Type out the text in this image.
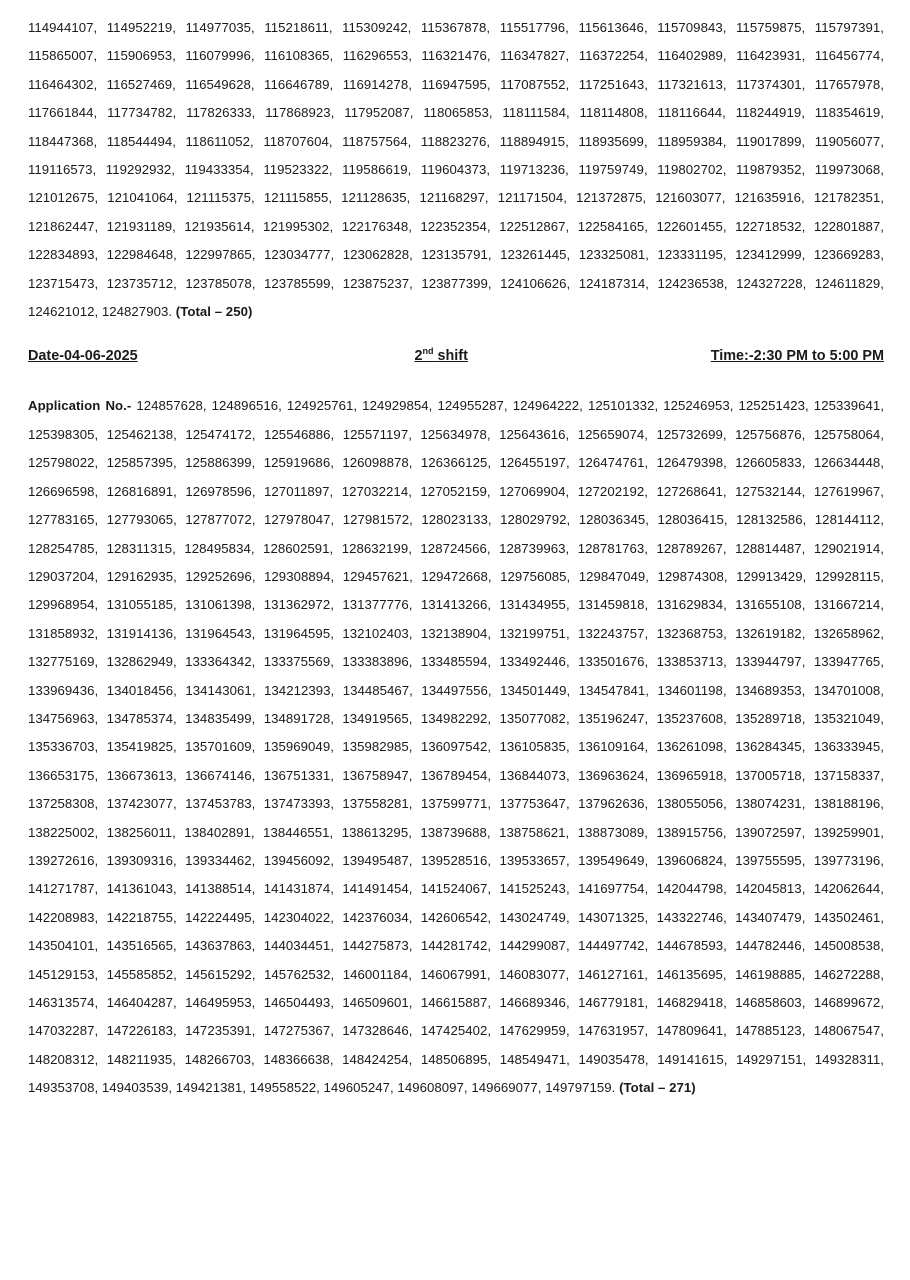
114944107, 114952219, 114977035, 115218611, 115309242, 115367878, 115517796, 115613646, 115709843, 115759875, 115797391, 115865007, 115906953, 116079996, 116108365, 116296553, 116321476, 116347827, 116372254, 116402989, 116423931, 116456774, 116464302, 116527469, 116549628, 116646789, 116914278, 116947595, 117087552, 117251643, 117321613, 117374301, 117657978, 117661844, 117734782, 117826333, 117868923, 117952087, 118065853, 118111584, 118114808, 118116644, 118244919, 118354619, 118447368, 118544494, 118611052, 118707604, 118757564, 118823276, 118894915, 118935699, 118959384, 119017899, 119056077, 119116573, 119292932, 119433354, 119523322, 119586619, 119604373, 119713236, 119759749, 119802702, 119879352, 119973068, 121012675, 121041064, 121115375, 121115855, 121128635, 121168297, 121171504, 121372875, 121603077, 121635916, 121782351, 121862447, 121931189, 121935614, 121995302, 122176348, 122352354, 122512867, 122584165, 122601455, 122718532, 122801887, 122834893, 122984648, 122997865, 123034777, 123062828, 123135791, 123261445, 123325081, 123331195, 123412999, 123669283, 123715473, 123735712, 123785078, 123785599, 123875237, 123877399, 124106626, 124187314, 124236538, 124327228, 124611829, 124621012, 124827903. (Total – 250)

Date-04-06-2025	2nd shift	Time:-2:30 PM to 5:00 PM

Application No.- 124857628, 124896516, 124925761, 124929854, 124955287, 124964222, 125101332, 125246953, 125251423, 125339641, 125398305, 125462138, 125474172, 125546886, 125571197, 125634978, 125643616, 125659074, 125732699, 125756876, 125758064, 125798022, 125857395, 125886399, 125919686, 126098878, 126366125, 126455197, 126474761, 126479398, 126605833, 126634448, 126696598, 126816891, 126978596, 127011897, 127032214, 127052159, 127069904, 127202192, 127268641, 127532144, 127619967, 127783165, 127793065, 127877072, 127978047, 127981572, 128023133, 128029792, 128036345, 128036415, 128132586, 128144112, 128254785, 128311315, 128495834, 128602591, 128632199, 128724566, 128739963, 128781763, 128789267, 128814487, 129021914, 129037204, 129162935, 129252696, 129308894, 129457621, 129472668, 129756085, 129847049, 129874308, 129913429, 129928115, 129968954, 131055185, 131061398, 131362972, 131377776, 131413266, 131434955, 131459818, 131629834, 131655108, 131667214, 131858932, 131914136, 131964543, 131964595, 132102403, 132138904, 132199751, 132243757, 132368753, 132619182, 132658962, 132775169, 132862949, 133364342, 133375569, 133383896, 133485594, 133492446, 133501676, 133853713, 133944797, 133947765, 133969436, 134018456, 134143061, 134212393, 134485467, 134497556, 134501449, 134547841, 134601198, 134689353, 134701008, 134756963, 134785374, 134835499, 134891728, 134919565, 134982292, 135077082, 135196247, 135237608, 135289718, 135321049, 135336703, 135419825, 135701609, 135969049, 135982985, 136097542, 136105835, 136109164, 136261098, 136284345, 136333945, 136653175, 136673613, 136674146, 136751331, 136758947, 136789454, 136844073, 136963624, 136965918, 137005718, 137158337, 137258308, 137423077, 137453783, 137473393, 137558281, 137599771, 137753647, 137962636, 138055056, 138074231, 138188196, 138225002, 138256011, 138402891, 138446551, 138613295, 138739688, 138758621, 138873089, 138915756, 139072597, 139259901, 139272616, 139309316, 139334462, 139456092, 139495487, 139528516, 139533657, 139549649, 139606824, 139755595, 139773196, 141271787, 141361043, 141388514, 141431874, 141491454, 141524067, 141525243, 141697754, 142044798, 142045813, 142062644, 142208983, 142218755, 142224495, 142304022, 142376034, 142606542, 143024749, 143071325, 143322746, 143407479, 143502461, 143504101, 143516565, 143637863, 144034451, 144275873, 144281742, 144299087, 144497742, 144678593, 144782446, 145008538, 145129153, 145585852, 145615292, 145762532, 146001184, 146067991, 146083077, 146127161, 146135695, 146198885, 146272288, 146313574, 146404287, 146495953, 146504493, 146509601, 146615887, 146689346, 146779181, 146829418, 146858603, 146899672, 147032287, 147226183, 147235391, 147275367, 147328646, 147425402, 147629959, 147631957, 147809641, 147885123, 148067547, 148208312, 148211935, 148266703, 148366638, 148424254, 148506895, 148549471, 149035478, 149141615, 149297151, 149328311, 149353708, 149403539, 149421381, 149558522, 149605247, 149608097, 149669077, 149797159. (Total – 271)
